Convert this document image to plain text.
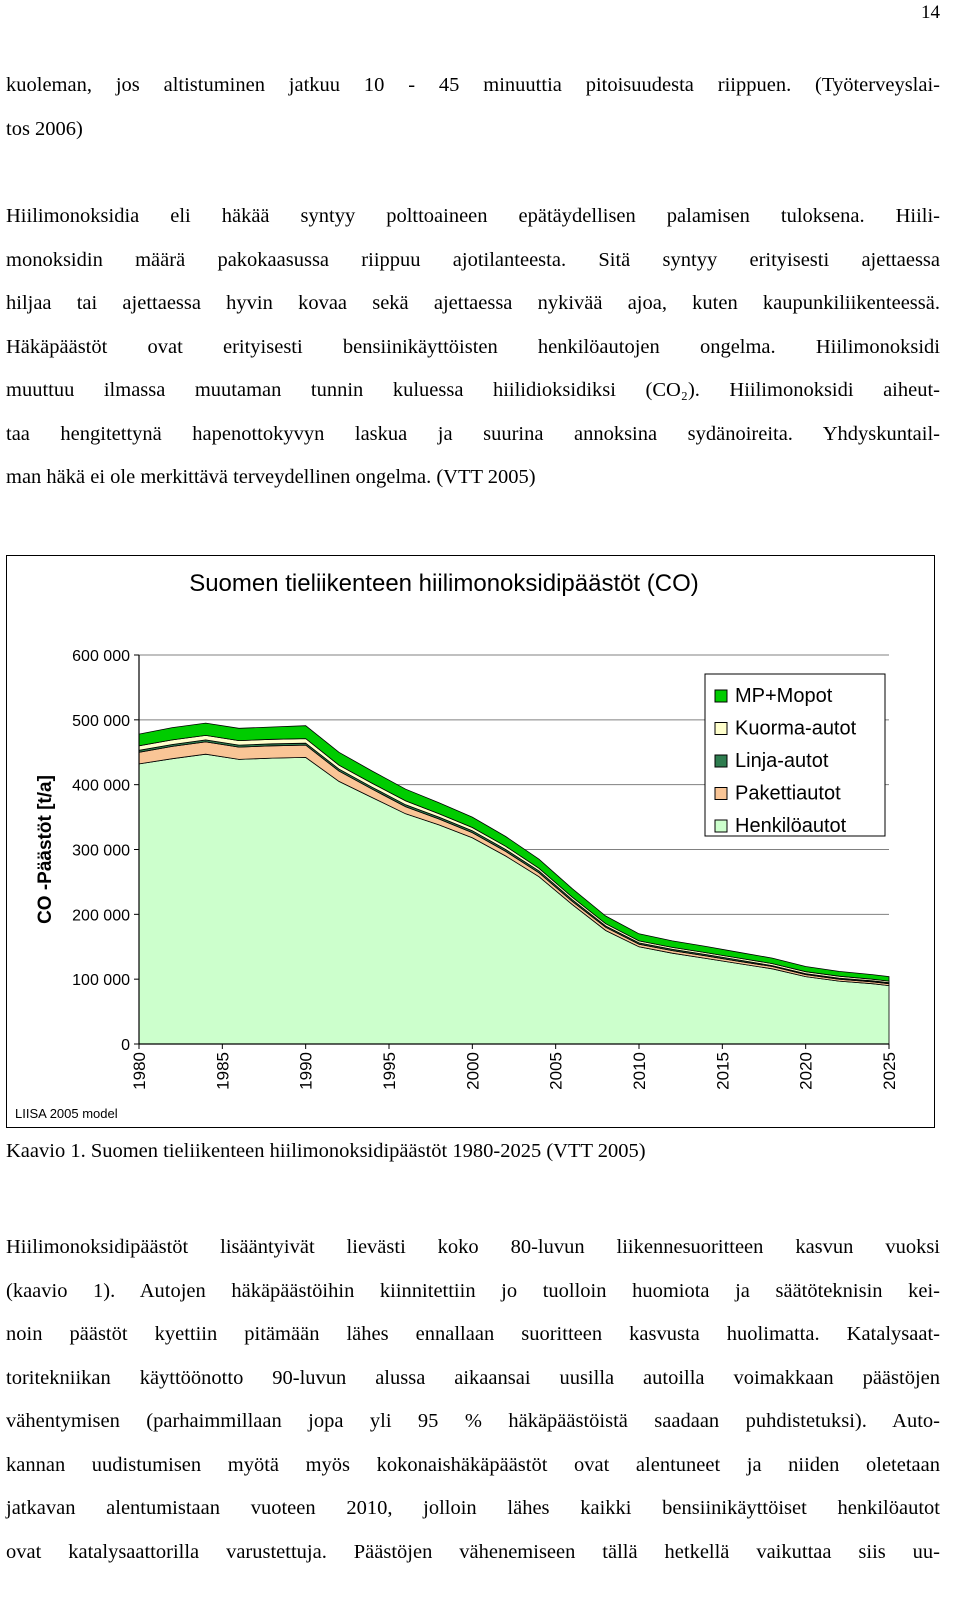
14
kuoleman, jos altistuminen jatkuu 10 - 45 minuuttia pitoisuudesta riippuen. (Työterveyslai-
tos 2006)
Hiilimonoksidia eli häkää syntyy polttoaineen epätäydellisen palamisen tuloksena. Hiili-
monoksidin määrä pakokaasussa riippuu ajotilanteesta. Sitä syntyy erityisesti ajettaessa
hiljaa tai ajettaessa hyvin kovaa sekä ajettaessa nykivää ajoa, kuten kaupunkiliikenteessä.
Häkäpäästöt ovat erityisesti bensiinikäyttöisten henkilöautojen ongelma. Hiilimonoksidi
muuttuu ilmassa muutaman tunnin kuluessa hiilidioksidiksi (CO₂). Hiilimonoksidi aiheut-
taa hengitettynä hapenottokyvyn laskua ja suurina annoksina sydänoireita. Yhdyskuntail-
man häkä ei ole merkittävä terveydellinen ongelma. (VTT 2005)
Suomen tieliikenteen hiilimonoksidipäästöt (CO)
CO -Päästöt [t/a]
0
100 000
200 000
300 000
400 000
500 000
600 000
1980	1985	1990	1995	2000	2005	2010	2015	2020	2025
MP+Mopot
Kuorma-autot
Linja-autot
Pakettiautot
Henkilöautot
LIISA 2005 model
Kaavio 1. Suomen tieliikenteen hiilimonoksidipäästöt 1980-2025 (VTT 2005)
Hiilimonoksidipäästöt lisääntyivät lievästi koko 80-luvun liikennesuoritteen kasvun vuoksi
(kaavio 1). Autojen häkäpäästöihin kiinnitettiin jo tuolloin huomiota ja säätöteknisin kei-
noin päästöt kyettiin pitämään lähes ennallaan suoritteen kasvusta huolimatta. Katalysaat-
toritekniikan käyttöönotto 90-luvun alussa aikaansai uusilla autoilla voimakkaan päästöjen
vähentymisen (parhaimmillaan jopa yli 95 % häkäpäästöistä saadaan puhdistetuksi). Auto-
kannan uudistumisen myötä myös kokonaishäkäpäästöt ovat alentuneet ja niiden oletetaan
jatkavan alentumistaan vuoteen 2010, jolloin lähes kaikki bensiinikäyttöiset henkilöautot
ovat katalysaattorilla varustettuja. Päästöjen vähenemiseen tällä hetkellä vaikuttaa siis uu-
